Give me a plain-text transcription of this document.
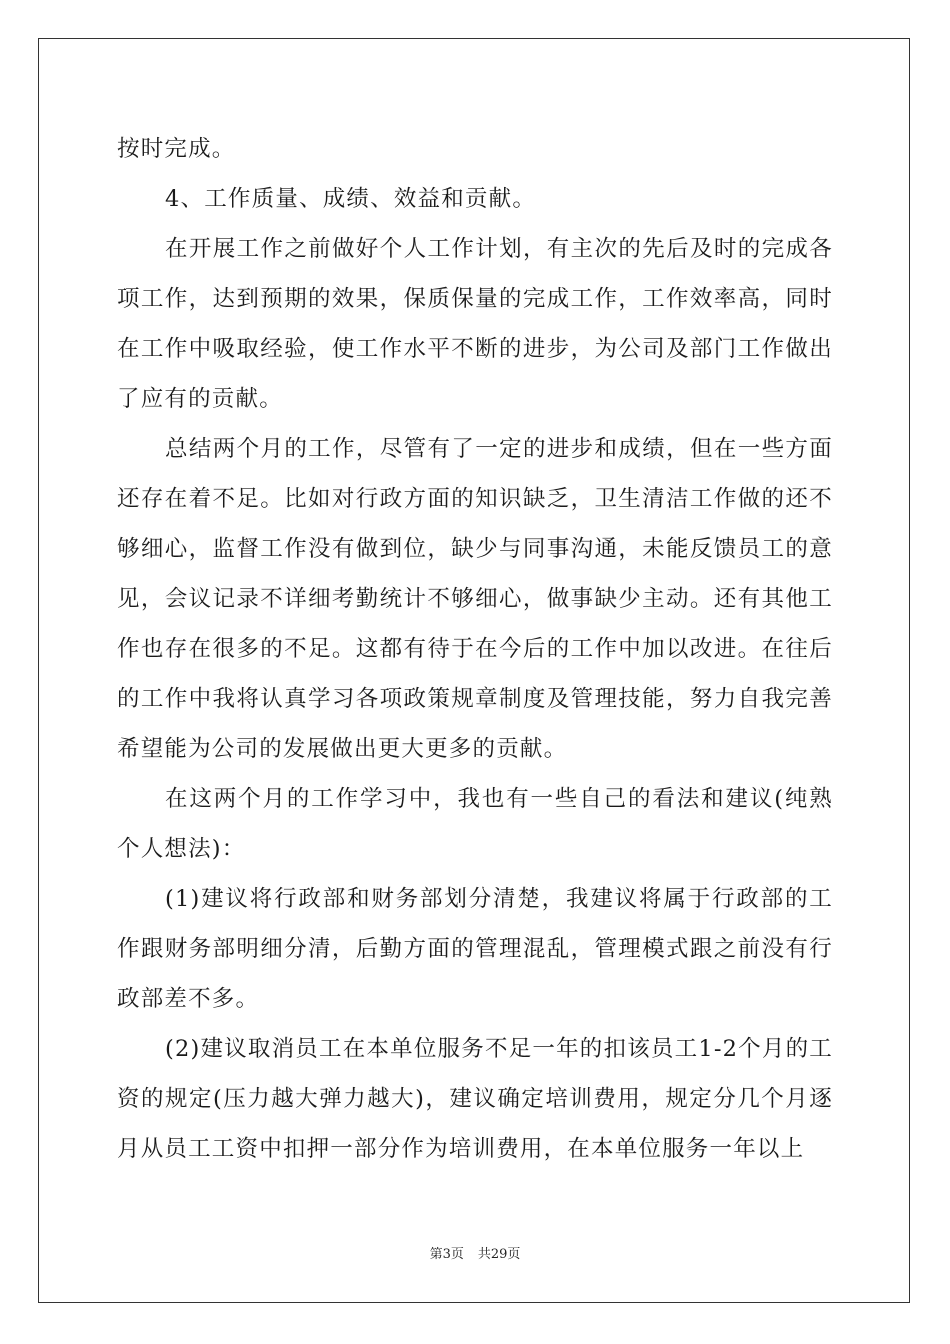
按时完成。

4、工作质量、成绩、效益和贡献。

在开展工作之前做好个人工作计划，有主次的先后及时的完成各项工作，达到预期的效果，保质保量的完成工作，工作效率高，同时在工作中吸取经验，使工作水平不断的进步，为公司及部门工作做出了应有的贡献。

总结两个月的工作，尽管有了一定的进步和成绩，但在一些方面还存在着不足。比如对行政方面的知识缺乏，卫生清洁工作做的还不够细心，监督工作没有做到位，缺少与同事沟通，未能反馈员工的意见，会议记录不详细考勤统计不够细心，做事缺少主动。还有其他工作也存在很多的不足。这都有待于在今后的工作中加以改进。在往后的工作中我将认真学习各项政策规章制度及管理技能，努力自我完善希望能为公司的发展做出更大更多的贡献。

在这两个月的工作学习中，我也有一些自己的看法和建议(纯熟个人想法)：

(1)建议将行政部和财务部划分清楚，我建议将属于行政部的工作跟财务部明细分清，后勤方面的管理混乱，管理模式跟之前没有行政部差不多。

(2)建议取消员工在本单位服务不足一年的扣该员工1-2个月的工资的规定(压力越大弹力越大)，建议确定培训费用，规定分几个月逐月从员工工资中扣押一部分作为培训费用，在本单位服务一年以上

第3页 共29页
